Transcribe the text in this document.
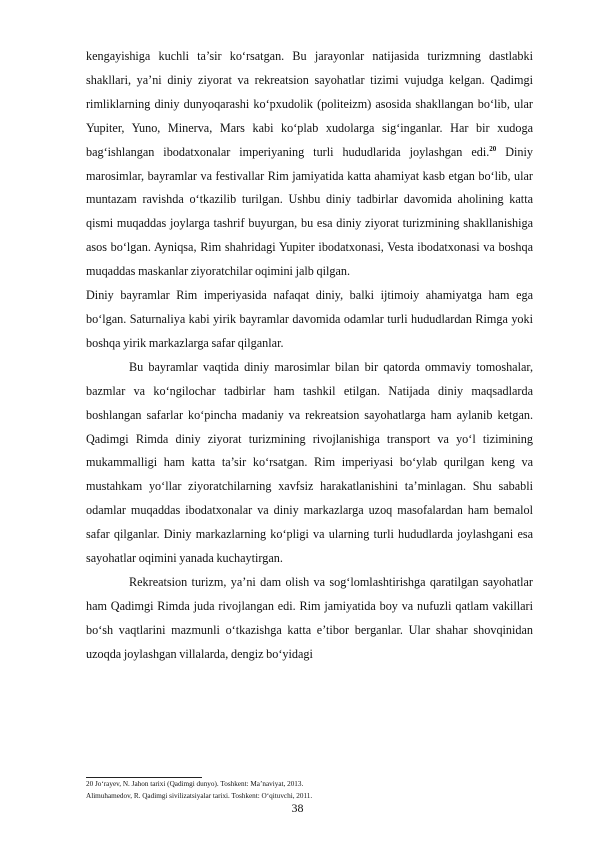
kengayishiga kuchli ta’sir ko‘rsatgan. Bu jarayonlar natijasida turizmning dastlabki shakllari, ya’ni diniy ziyorat va rekreatsion sayohatlar tizimi vujudga kelgan. Qadimgi rimliklarning diniy dunyoqarashi ko‘pxudolik (politeizm) asosida shakllangan bo‘lib, ular Yupiter, Yuno, Minerva, Mars kabi ko‘plab xudolarga sig‘inganlar. Har bir xudoga bag‘ishlangan ibodatxonalar imperiyaning turli hududlarida joylashgan edi.$^{20}$ Diniy marosimlar, bayramlar va festivallar Rim jamiyatida katta ahamiyat kasb etgan bo‘lib, ular muntazam ravishda o‘tkazilib turilgan. Ushbu diniy tadbirlar davomida aholining katta qismi muqaddas joylarga tashrif buyurgan, bu esa diniy ziyorat turizmining shakllanishiga asos bo‘lgan. Ayniqsa, Rim shahridagi Yupiter ibodatxonasi, Vesta ibodatxonasi va boshqa muqaddas maskanlar ziyoratchilar oqimini jalb qilgan.

Diniy bayramlar Rim imperiyasida nafaqat diniy, balki ijtimoiy ahamiyatga ham ega bo‘lgan. Saturnaliya kabi yirik bayramlar davomida odamlar turli hududlardan Rimga yoki boshqa yirik markazlarga safar qilganlar.

Bu bayramlar vaqtida diniy marosimlar bilan bir qatorda ommaviy tomoshalar, bazmlar va ko‘ngilochar tadbirlar ham tashkil etilgan. Natijada diniy maqsadlarda boshlangan safarlar ko‘pincha madaniy va rekreatsion sayohatlarga ham aylanib ketgan. Qadimgi Rimda diniy ziyorat turizmining rivojlanishiga transport va yo‘l tizimining mukammalligi ham katta ta’sir ko‘rsatgan. Rim imperiyasi bo‘ylab qurilgan keng va mustahkam yo‘llar ziyoratchilarning xavfsiz harakatlanishini ta’minlagan. Shu sababli odamlar muqaddas ibodatxonalar va diniy markazlarga uzoq masofalardan ham bemalol safar qilganlar. Diniy markazlarning ko‘pligi va ularning turli hududlarda joylashgani esa sayohatlar oqimini yanada kuchaytirgan.

Rekreatsion turizm, ya’ni dam olish va sog‘lomlashtirishga qaratilgan sayohatlar ham Qadimgi Rimda juda rivojlangan edi. Rim jamiyatida boy va nufuzli qatlam vakillari bo‘sh vaqtlarini mazmunli o‘tkazishga katta e’tibor berganlar. Ular shahar shovqinidan uzoqda joylashgan villalarda, dengiz bo‘yidagi

20 Jo‘rayev, N. Jahon tarixi (Qadimgi dunyo). Toshkent: Ma’naviyat, 2013.
Alimuhamedov, R. Qadimgi sivilizatsiyalar tarixi. Toshkent: O‘qituvchi, 2011.
38
